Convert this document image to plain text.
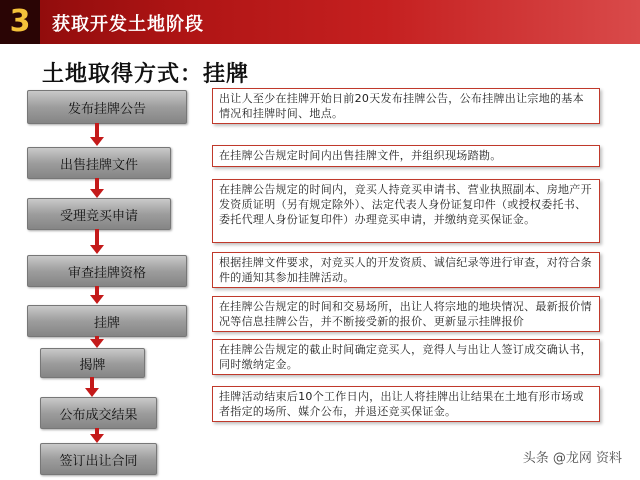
3 获取开发土地阶段
土地取得方式：挂牌
发布挂牌公告
出售挂牌文件
受理竞买申请
审查挂牌资格
挂牌
揭牌
公布成交结果
签订出让合同
出让人至少在挂牌开始日前20天发布挂牌公告，公布挂牌出让宗地的基本情况和挂牌时间、地点。
在挂牌公告规定时间内出售挂牌文件，并组织现场踏勘。
在挂牌公告规定的时间内，竞买人持竞买申请书、营业执照副本、房地产开发资质证明（另有规定除外）、法定代表人身份证复印件（或授权委托书、委托代理人身份证复印件）办理竞买申请，并缴纳竞买保证金。
根据挂牌文件要求，对竞买人的开发资质、诚信纪录等进行审查，对符合条件的通知其参加挂牌活动。
在挂牌公告规定的时间和交易场所，出让人将宗地的地块情况、最新报价情况等信息挂牌公告，并不断接受新的报价、更新显示挂牌报价
在挂牌公告规定的截止时间确定竞买人，竞得人与出让人签订成交确认书，同时缴纳定金。
挂牌活动结束后10个工作日内，出让人将挂牌出让结果在土地有形市场或者指定的场所、媒介公布，并退还竞买保证金。
头条 @龙网 资料
